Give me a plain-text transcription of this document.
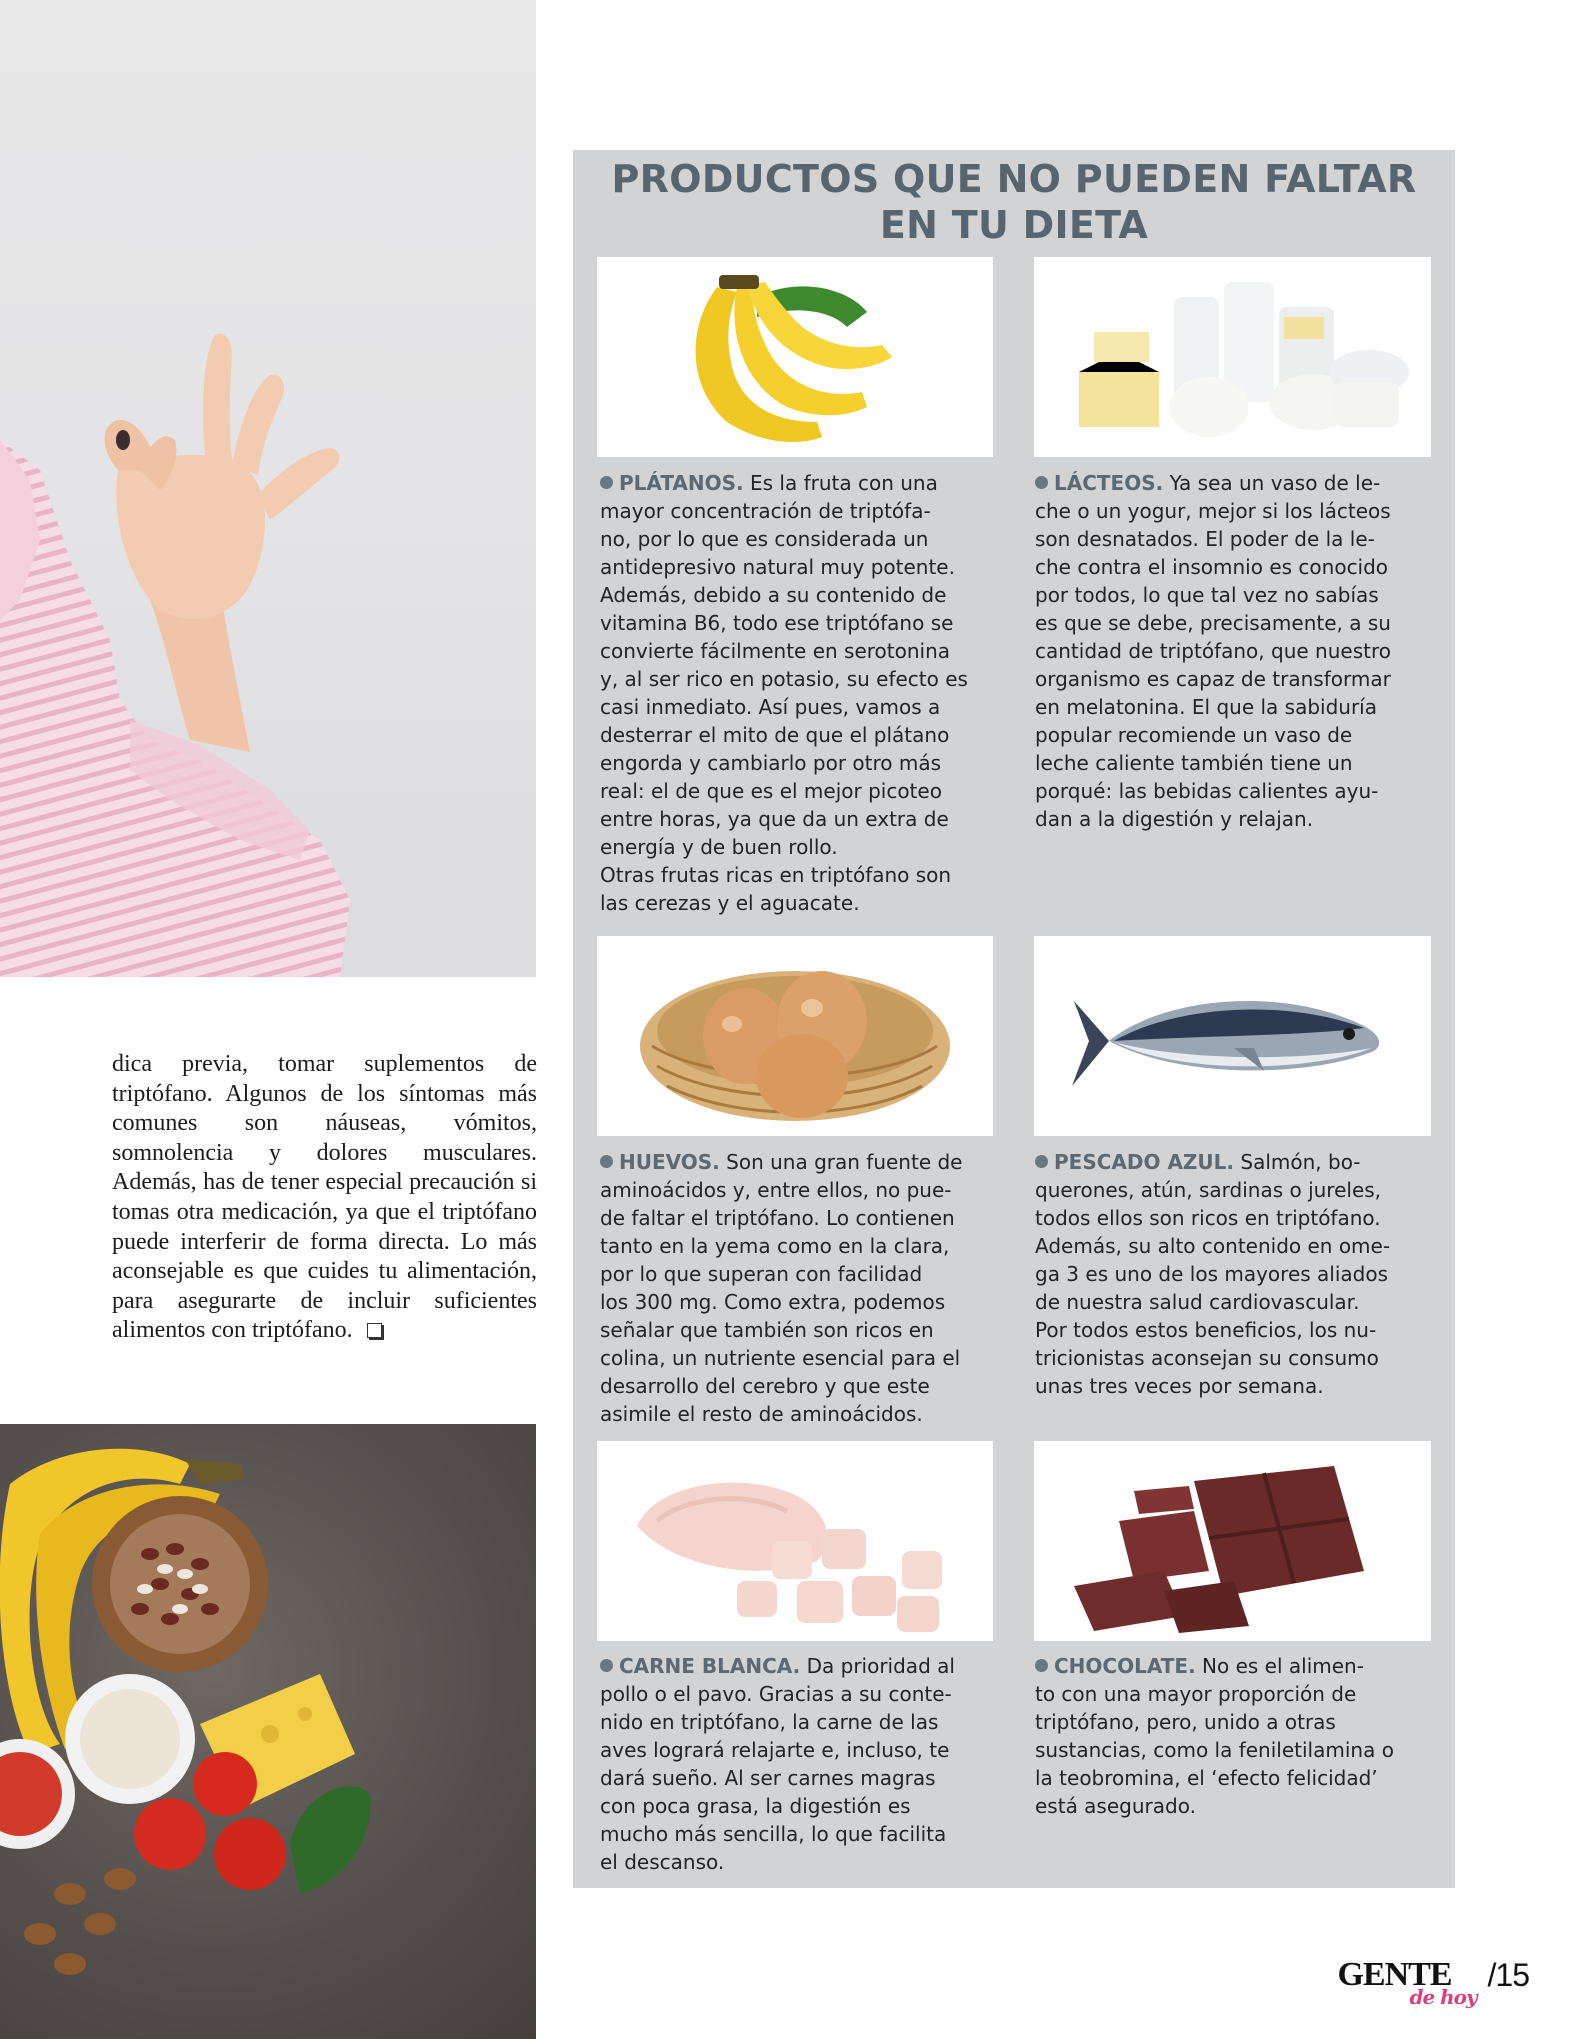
dica previa, tomar suplementos de triptófano. Algunos de los síntomas más comunes son náuseas, vómitos, somnolencia y dolores musculares. Además, has de tener especial precaución si tomas otra medicación, ya que el triptófano puede interferir de forma directa. Lo más aconsejable es que cuides tu alimentación, para asegurarte de incluir suficientes alimentos con triptófano.

PRODUCTOS QUE NO PUEDEN FALTAR
EN TU DIETA

PLÁTANOS. Es la fruta con una
mayor concentración de triptófa-
no, por lo que es considerada un
antidepresivo natural muy potente.
Además, debido a su contenido de
vitamina B6, todo ese triptófano se
convierte fácilmente en serotonina
y, al ser rico en potasio, su efecto es
casi inmediato. Así pues, vamos a
desterrar el mito de que el plátano
engorda y cambiarlo por otro más
real: el de que es el mejor picoteo
entre horas, ya que da un extra de
energía y de buen rollo.
Otras frutas ricas en triptófano son
las cerezas y el aguacate.

LÁCTEOS. Ya sea un vaso de le-
che o un yogur, mejor si los lácteos
son desnatados. El poder de la le-
che contra el insomnio es conocido
por todos, lo que tal vez no sabías
es que se debe, precisamente, a su
cantidad de triptófano, que nuestro
organismo es capaz de transformar
en melatonina. El que la sabiduría
popular recomiende un vaso de
leche caliente también tiene un
porqué: las bebidas calientes ayu-
dan a la digestión y relajan.

HUEVOS. Son una gran fuente de
aminoácidos y, entre ellos, no pue-
de faltar el triptófano. Lo contienen
tanto en la yema como en la clara,
por lo que superan con facilidad
los 300 mg. Como extra, podemos
señalar que también son ricos en
colina, un nutriente esencial para el
desarrollo del cerebro y que este
asimile el resto de aminoácidos.

PESCADO AZUL. Salmón, bo-
querones, atún, sardinas o jureles,
todos ellos son ricos en triptófano.
Además, su alto contenido en ome-
ga 3 es uno de los mayores aliados
de nuestra salud cardiovascular.
Por todos estos beneficios, los nu-
tricionistas aconsejan su consumo
unas tres veces por semana.

CARNE BLANCA. Da prioridad al
pollo o el pavo. Gracias a su conte-
nido en triptófano, la carne de las
aves logrará relajarte e, incluso, te
dará sueño. Al ser carnes magras
con poca grasa, la digestión es
mucho más sencilla, lo que facilita
el descanso.

CHOCOLATE. No es el alimen-
to con una mayor proporción de
triptófano, pero, unido a otras
sustancias, como la feniletilamina o
la teobromina, el ‘efecto felicidad’
está asegurado.

GENTE
de hoy
/15
